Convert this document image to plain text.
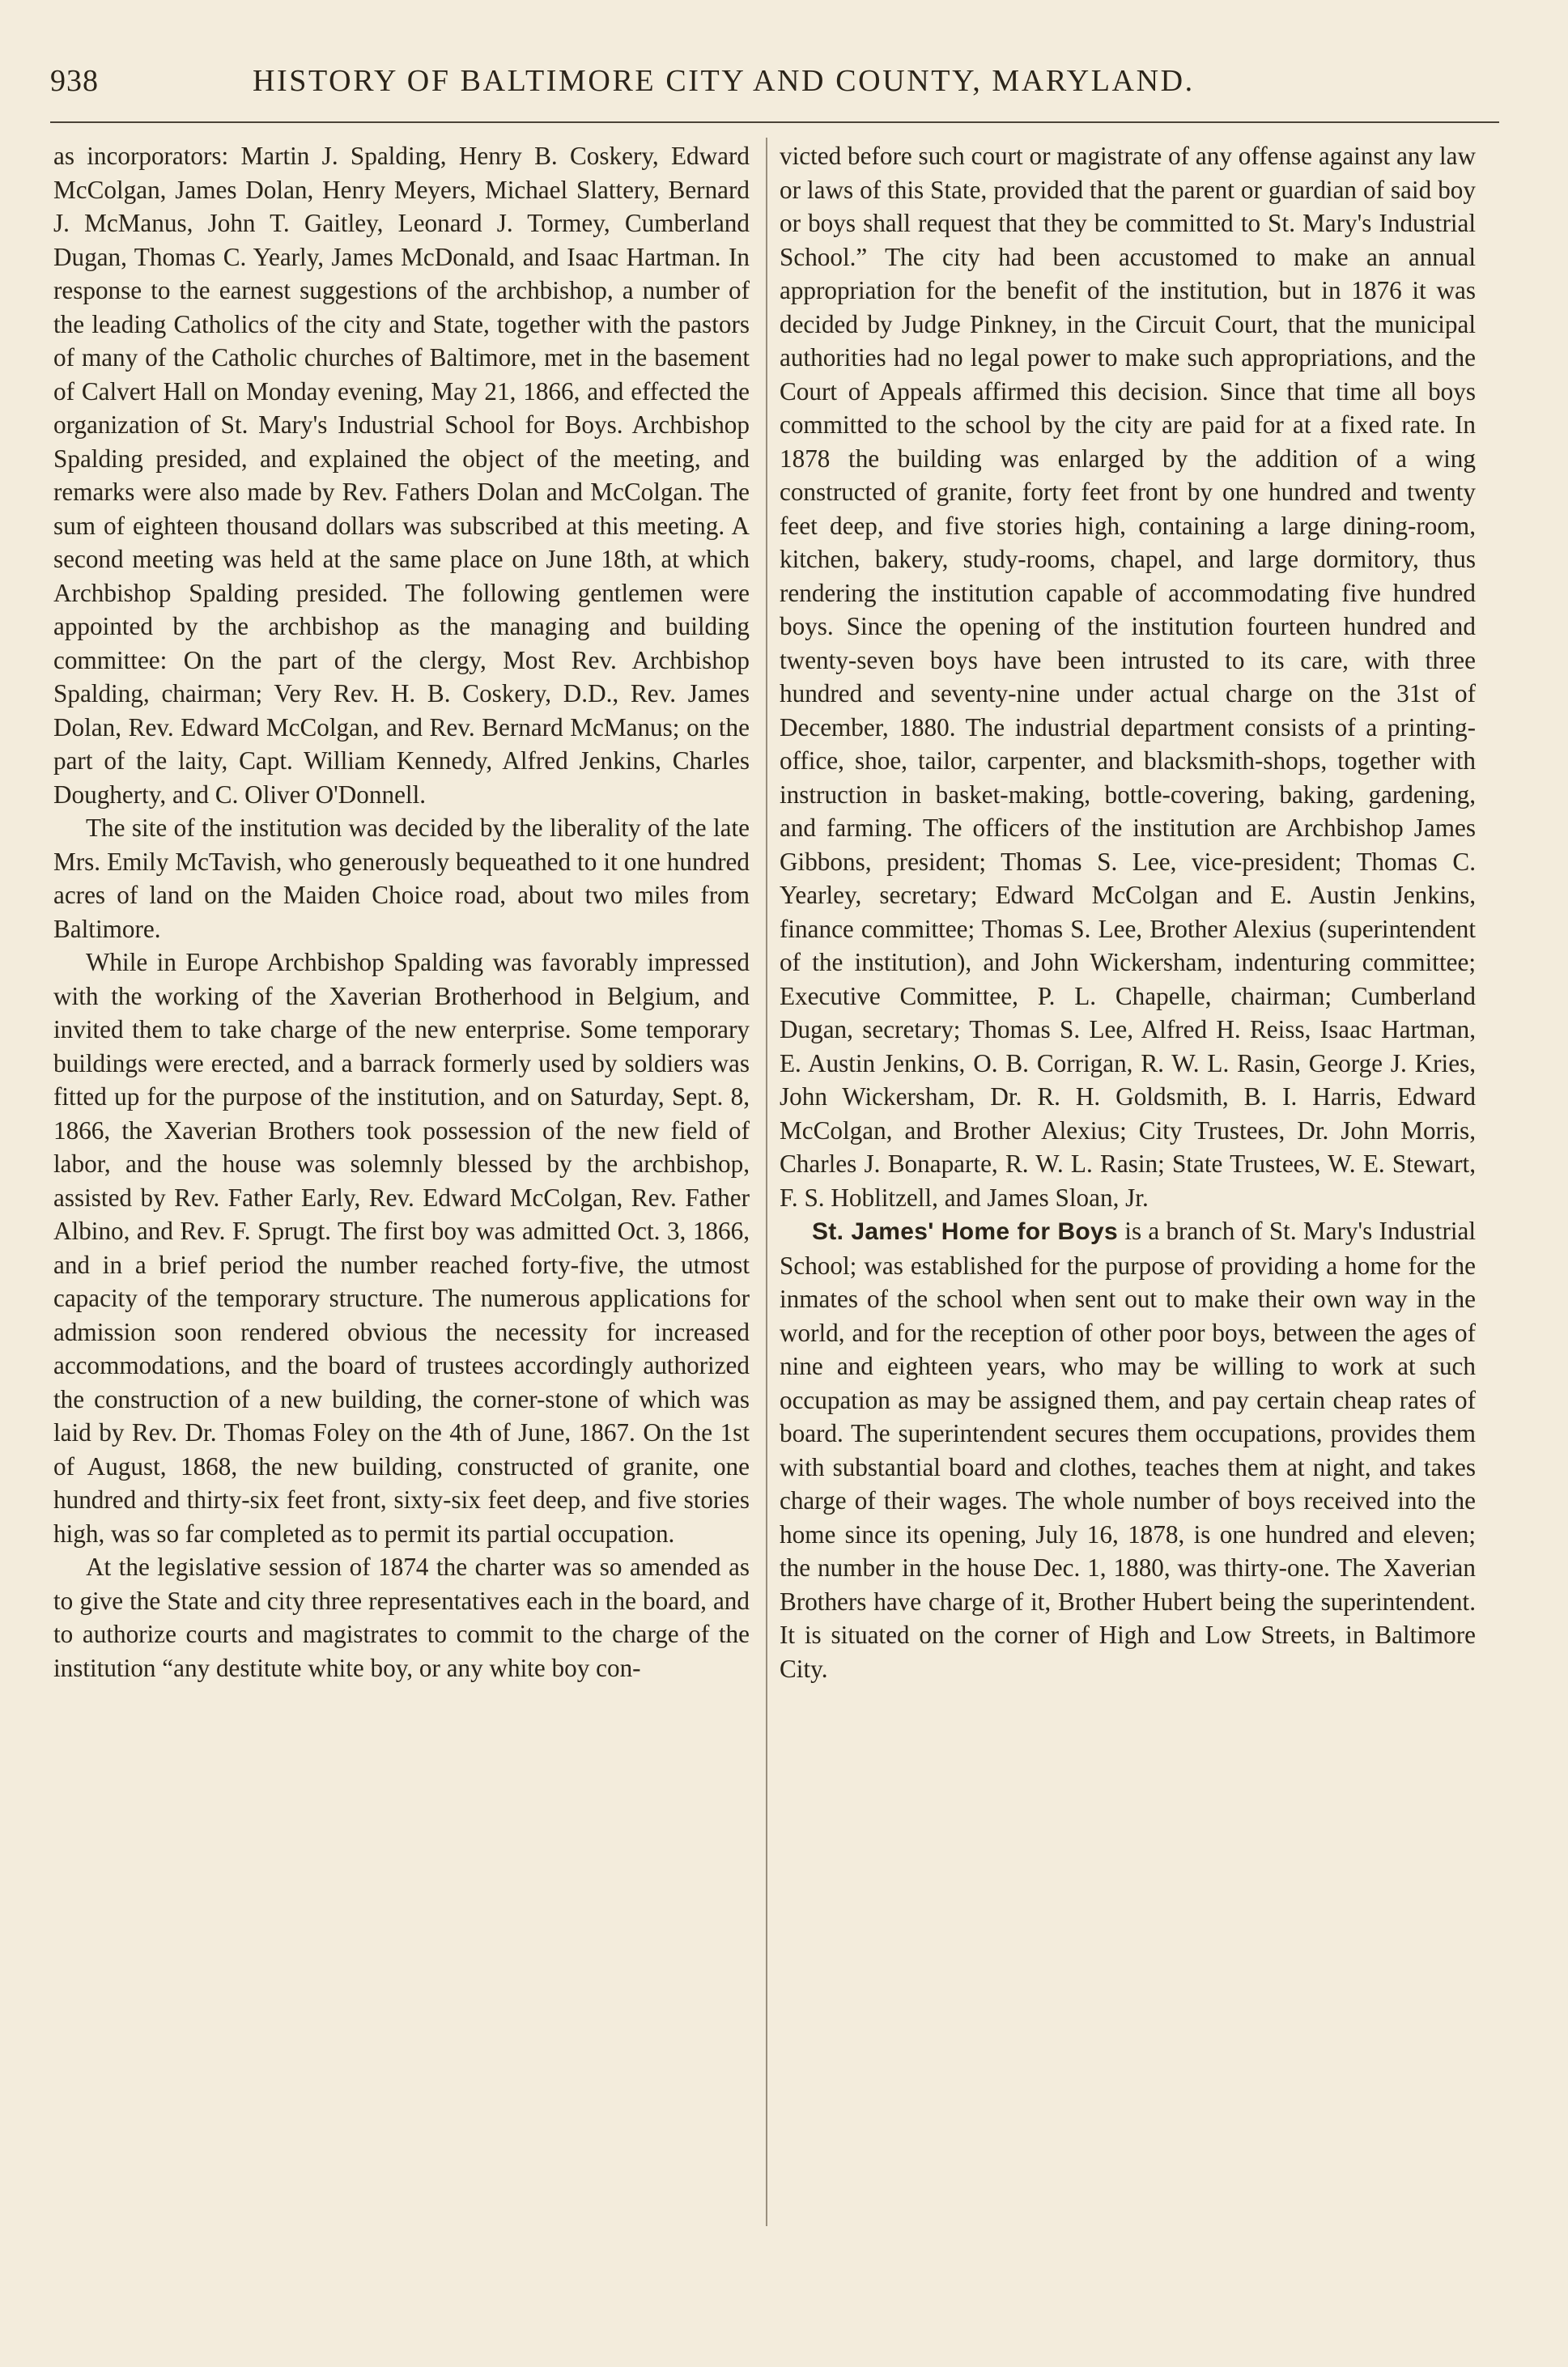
938	HISTORY OF BALTIMORE CITY AND COUNTY, MARYLAND.

as incorporators: Martin J. Spalding, Henry B. Coskery, Edward McColgan, James Dolan, Henry Meyers, Michael Slattery, Bernard J. McManus, John T. Gaitley, Leonard J. Tormey, Cumberland Dugan, Thomas C. Yearly, James McDonald, and Isaac Hartman. In response to the earnest suggestions of the archbishop, a number of the leading Catholics of the city and State, together with the pastors of many of the Catholic churches of Baltimore, met in the basement of Calvert Hall on Monday evening, May 21, 1866, and effected the organization of St. Mary's Industrial School for Boys. Archbishop Spalding presided, and explained the object of the meeting, and remarks were also made by Rev. Fathers Dolan and McColgan. The sum of eighteen thousand dollars was subscribed at this meeting. A second meeting was held at the same place on June 18th, at which Archbishop Spalding presided. The following gentlemen were appointed by the archbishop as the managing and building committee: On the part of the clergy, Most Rev. Archbishop Spalding, chairman; Very Rev. H. B. Coskery, D.D., Rev. James Dolan, Rev. Edward McColgan, and Rev. Bernard McManus; on the part of the laity, Capt. William Kennedy, Alfred Jenkins, Charles Dougherty, and C. Oliver O'Donnell.

The site of the institution was decided by the liberality of the late Mrs. Emily McTavish, who generously bequeathed to it one hundred acres of land on the Maiden Choice road, about two miles from Baltimore.

While in Europe Archbishop Spalding was favorably impressed with the working of the Xaverian Brotherhood in Belgium, and invited them to take charge of the new enterprise. Some temporary buildings were erected, and a barrack formerly used by soldiers was fitted up for the purpose of the institution, and on Saturday, Sept. 8, 1866, the Xaverian Brothers took possession of the new field of labor, and the house was solemnly blessed by the archbishop, assisted by Rev. Father Early, Rev. Edward McColgan, Rev. Father Albino, and Rev. F. Sprugt. The first boy was admitted Oct. 3, 1866, and in a brief period the number reached forty-five, the utmost capacity of the temporary structure. The numerous applications for admission soon rendered obvious the necessity for increased accommodations, and the board of trustees accordingly authorized the construction of a new building, the corner-stone of which was laid by Rev. Dr. Thomas Foley on the 4th of June, 1867. On the 1st of August, 1868, the new building, constructed of granite, one hundred and thirty-six feet front, sixty-six feet deep, and five stories high, was so far completed as to permit its partial occupation.

At the legislative session of 1874 the charter was so amended as to give the State and city three representatives each in the board, and to authorize courts and magistrates to commit to the charge of the institution “any destitute white boy, or any white boy con-

victed before such court or magistrate of any offense against any law or laws of this State, provided that the parent or guardian of said boy or boys shall request that they be committed to St. Mary's Industrial School.” The city had been accustomed to make an annual appropriation for the benefit of the institution, but in 1876 it was decided by Judge Pinkney, in the Circuit Court, that the municipal authorities had no legal power to make such appropriations, and the Court of Appeals affirmed this decision. Since that time all boys committed to the school by the city are paid for at a fixed rate. In 1878 the building was enlarged by the addition of a wing constructed of granite, forty feet front by one hundred and twenty feet deep, and five stories high, containing a large dining-room, kitchen, bakery, study-rooms, chapel, and large dormitory, thus rendering the institution capable of accommodating five hundred boys. Since the opening of the institution fourteen hundred and twenty-seven boys have been intrusted to its care, with three hundred and seventy-nine under actual charge on the 31st of December, 1880. The industrial department consists of a printing-office, shoe, tailor, carpenter, and blacksmith-shops, together with instruction in basket-making, bottle-covering, baking, gardening, and farming. The officers of the institution are Archbishop James Gibbons, president; Thomas S. Lee, vice-president; Thomas C. Yearley, secretary; Edward McColgan and E. Austin Jenkins, finance committee; Thomas S. Lee, Brother Alexius (superintendent of the institution), and John Wickersham, indenturing committee; Executive Committee, P. L. Chapelle, chairman; Cumberland Dugan, secretary; Thomas S. Lee, Alfred H. Reiss, Isaac Hartman, E. Austin Jenkins, O. B. Corrigan, R. W. L. Rasin, George J. Kries, John Wickersham, Dr. R. H. Goldsmith, B. I. Harris, Edward McColgan, and Brother Alexius; City Trustees, Dr. John Morris, Charles J. Bonaparte, R. W. L. Rasin; State Trustees, W. E. Stewart, F. S. Hoblitzell, and James Sloan, Jr.

St. James' Home for Boys is a branch of St. Mary's Industrial School; was established for the purpose of providing a home for the inmates of the school when sent out to make their own way in the world, and for the reception of other poor boys, between the ages of nine and eighteen years, who may be willing to work at such occupation as may be assigned them, and pay certain cheap rates of board. The superintendent secures them occupations, provides them with substantial board and clothes, teaches them at night, and takes charge of their wages. The whole number of boys received into the home since its opening, July 16, 1878, is one hundred and eleven; the number in the house Dec. 1, 1880, was thirty-one. The Xaverian Brothers have charge of it, Brother Hubert being the superintendent. It is situated on the corner of High and Low Streets, in Baltimore City.
